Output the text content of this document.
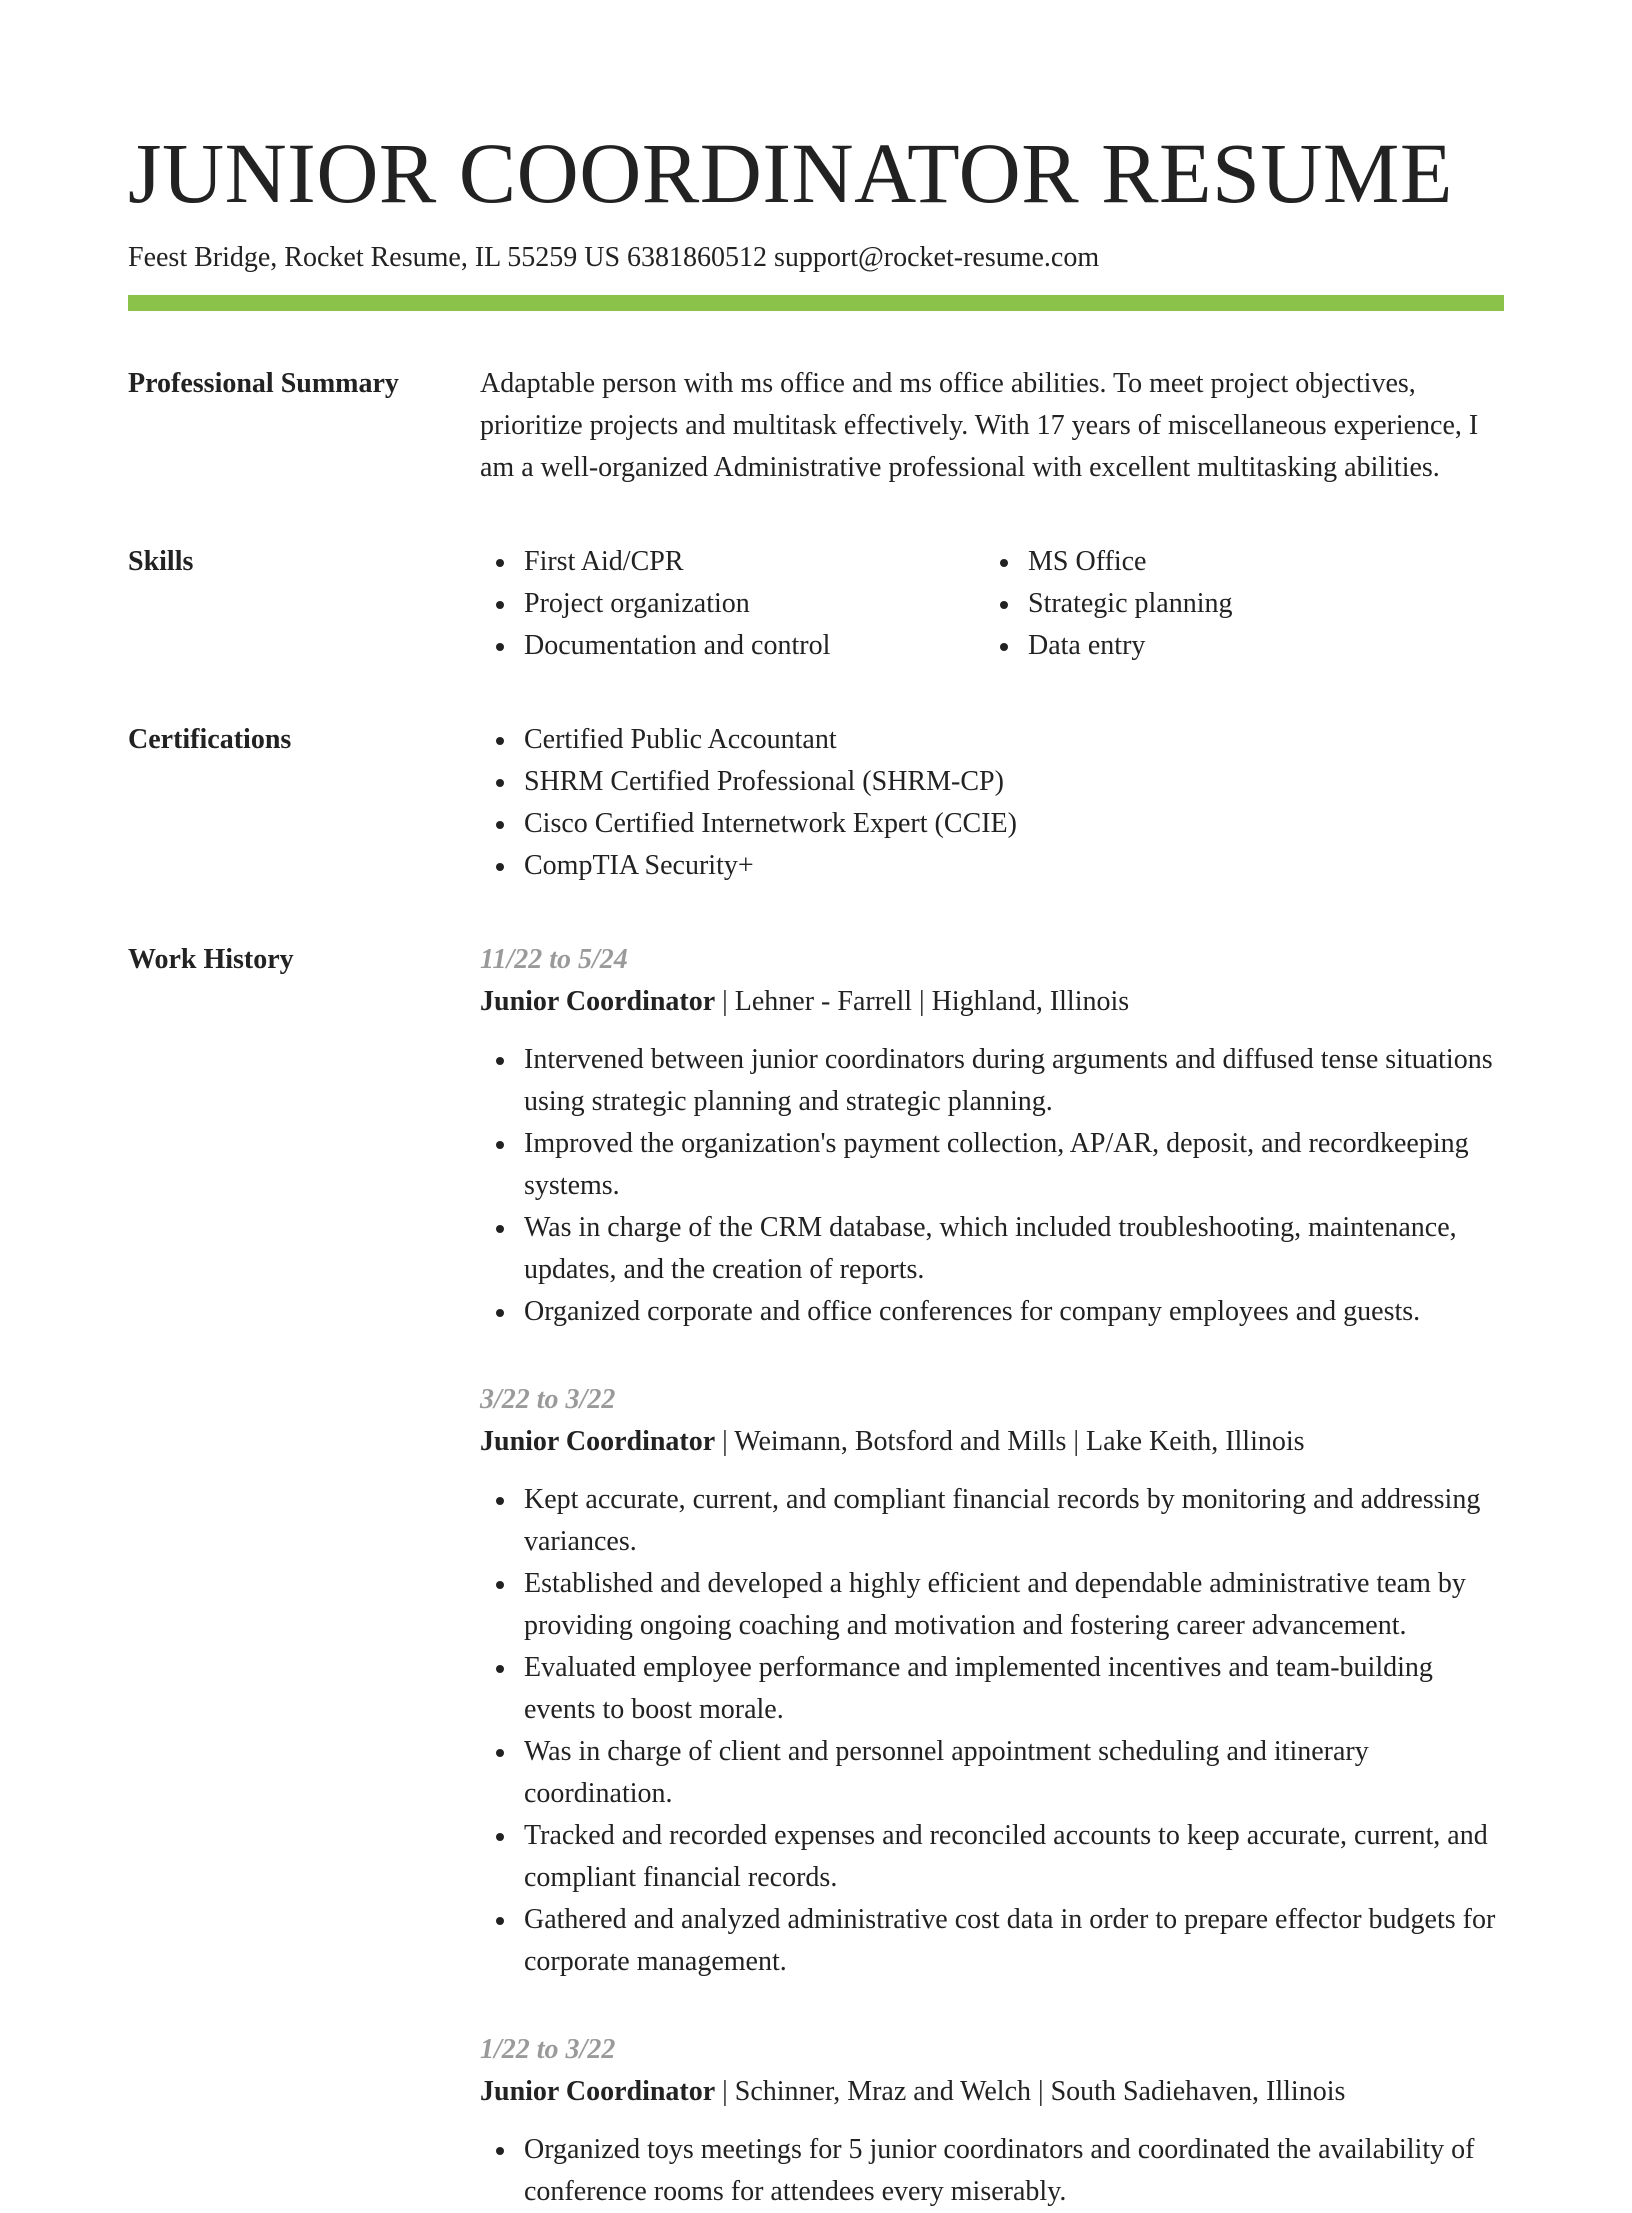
JUNIOR COORDINATOR RESUME
Feest Bridge, Rocket Resume, IL 55259 US 6381860512 support@rocket-resume.com
Professional Summary	Adaptable person with ms office and ms office abilities. To meet project objectives, prioritize projects and multitask effectively. With 17 years of miscellaneous experience, I am a well-organized Administrative professional with excellent multitasking abilities.

Skills	First Aid/CPR
Project organization
Documentation and control
MS Office
Strategic planning
Data entry
Certifications	Certified Public Accountant
SHRM Certified Professional (SHRM-CP)
Cisco Certified Internetwork Expert (CCIE)
CompTIA Security+
Work History	11/22 to 5/24
Junior Coordinator | Lehner - Farrell | Highland, Illinois
Intervened between junior coordinators during arguments and diffused tense situations using strategic planning and strategic planning.
Improved the organization's payment collection, AP/AR, deposit, and recordkeeping systems.
Was in charge of the CRM database, which included troubleshooting, maintenance, updates, and the creation of reports.
Organized corporate and office conferences for company employees and guests.
3/22 to 3/22
Junior Coordinator | Weimann, Botsford and Mills | Lake Keith, Illinois
Kept accurate, current, and compliant financial records by monitoring and addressing variances.
Established and developed a highly efficient and dependable administrative team by providing ongoing coaching and motivation and fostering career advancement.
Evaluated employee performance and implemented incentives and team-building events to boost morale.
Was in charge of client and personnel appointment scheduling and itinerary coordination.
Tracked and recorded expenses and reconciled accounts to keep accurate, current, and compliant financial records.
Gathered and analyzed administrative cost data in order to prepare effector budgets for corporate management.
1/22 to 3/22
Junior Coordinator | Schinner, Mraz and Welch | South Sadiehaven, Illinois
Organized toys meetings for 5 junior coordinators and coordinated the availability of conference rooms for attendees every miserably.
